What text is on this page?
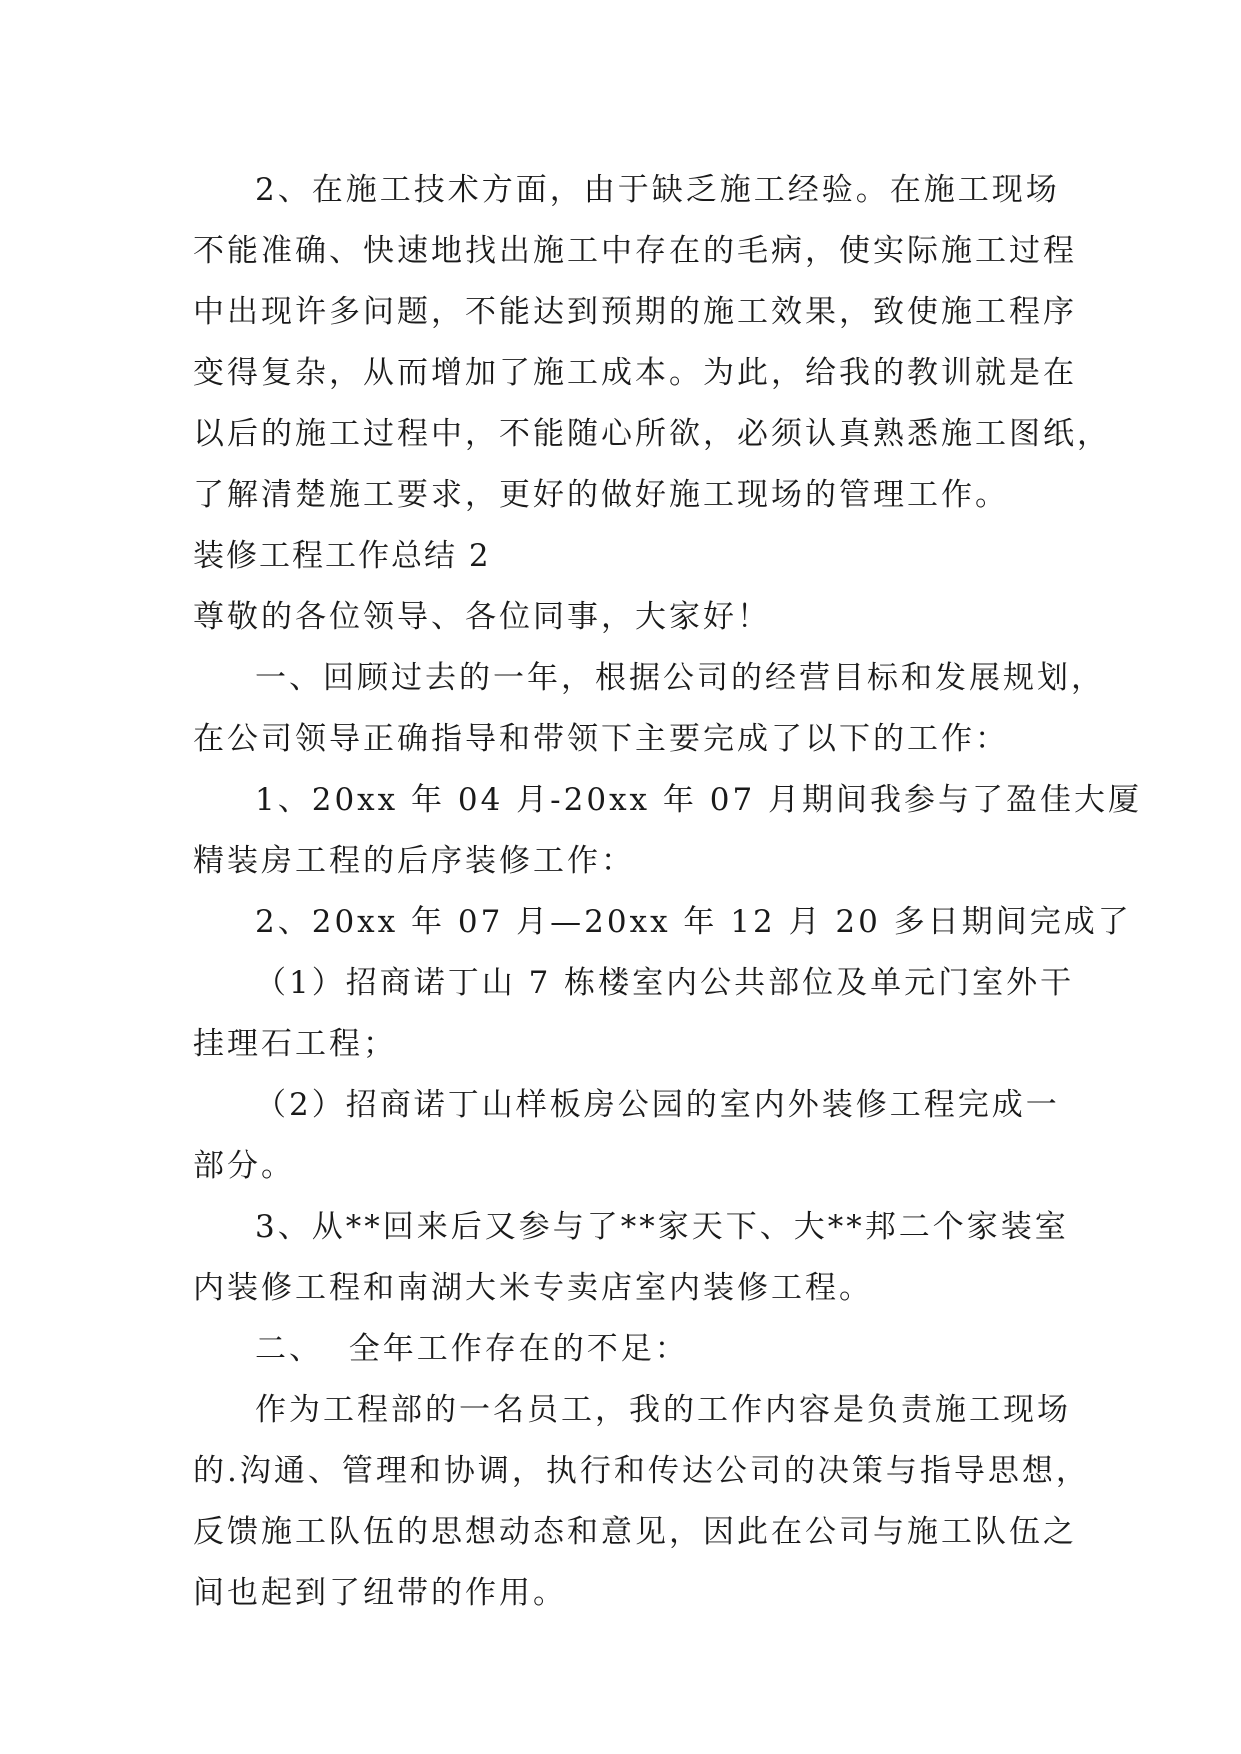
2、在施工技术方面，由于缺乏施工经验。在施工现场
不能准确、快速地找出施工中存在的毛病，使实际施工过程
中出现许多问题，不能达到预期的施工效果，致使施工程序
变得复杂，从而增加了施工成本。为此，给我的教训就是在
以后的施工过程中，不能随心所欲，必须认真熟悉施工图纸，
了解清楚施工要求，更好的做好施工现场的管理工作。
装修工程工作总结 2
尊敬的各位领导、各位同事，大家好！
一、回顾过去的一年，根据公司的经营目标和发展规划，
在公司领导正确指导和带领下主要完成了以下的工作：
1、20xx 年 04 月-20xx 年 07 月期间我参与了盈佳大厦
精装房工程的后序装修工作：
2、20xx 年 07 月—20xx 年 12 月 20 多日期间完成了
（1）招商诺丁山 7 栋楼室内公共部位及单元门室外干
挂理石工程；
（2）招商诺丁山样板房公园的室内外装修工程完成一
部分。
3、从**回来后又参与了**家天下、大**邦二个家装室
内装修工程和南湖大米专卖店室内装修工程。
二、  全年工作存在的不足：
作为工程部的一名员工，我的工作内容是负责施工现场
的.沟通、管理和协调，执行和传达公司的决策与指导思想，
反馈施工队伍的思想动态和意见，因此在公司与施工队伍之
间也起到了纽带的作用。
